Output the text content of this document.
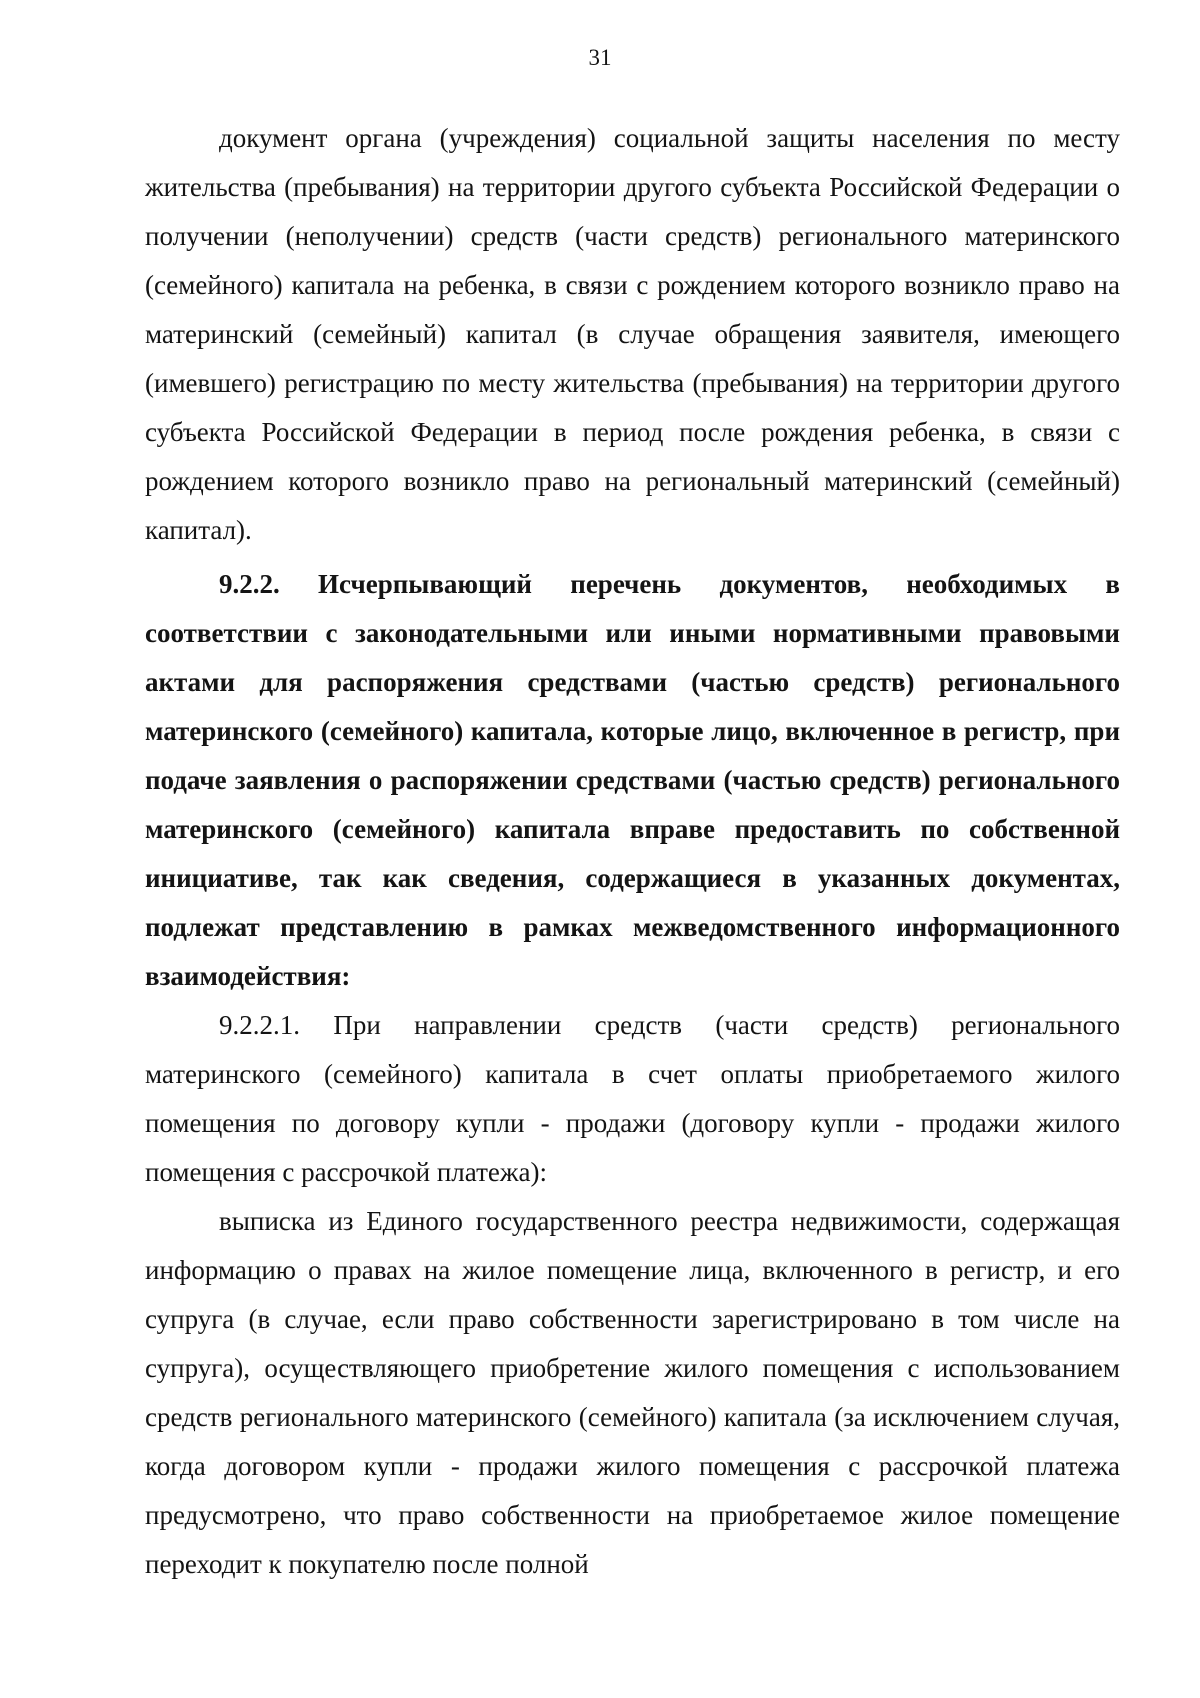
31

документ органа (учреждения) социальной защиты населения по месту жительства (пребывания) на территории другого субъекта Российской Федерации о получении (неполучении) средств (части средств) регионального материнского (семейного) капитала на ребенка, в связи с рождением которого возникло право на материнский (семейный) капитал (в случае обращения заявителя, имеющего (имевшего) регистрацию по месту жительства (пребывания) на территории другого субъекта Российской Федерации в период после рождения ребенка, в связи с рождением которого возникло право на региональный материнский (семейный) капитал).

9.2.2. Исчерпывающий перечень документов, необходимых в соответствии с законодательными или иными нормативными правовыми актами для распоряжения средствами (частью средств) регионального материнского (семейного) капитала, которые лицо, включенное в регистр, при подаче заявления о распоряжении средствами (частью средств) регионального материнского (семейного) капитала вправе предоставить по собственной инициативе, так как сведения, содержащиеся в указанных документах, подлежат представлению в рамках межведомственного информационного взаимодействия:

9.2.2.1. При направлении средств (части средств) регионального материнского (семейного) капитала в счет оплаты приобретаемого жилого помещения по договору купли - продажи (договору купли - продажи жилого помещения с рассрочкой платежа):

выписка из Единого государственного реестра недвижимости, содержащая информацию о правах на жилое помещение лица, включенного в регистр, и его супруга (в случае, если право собственности зарегистрировано в том числе на супруга), осуществляющего приобретение жилого помещения с использованием средств регионального материнского (семейного) капитала (за исключением случая, когда договором купли - продажи жилого помещения с рассрочкой платежа предусмотрено, что право собственности на приобретаемое жилое помещение переходит к покупателю после полной
